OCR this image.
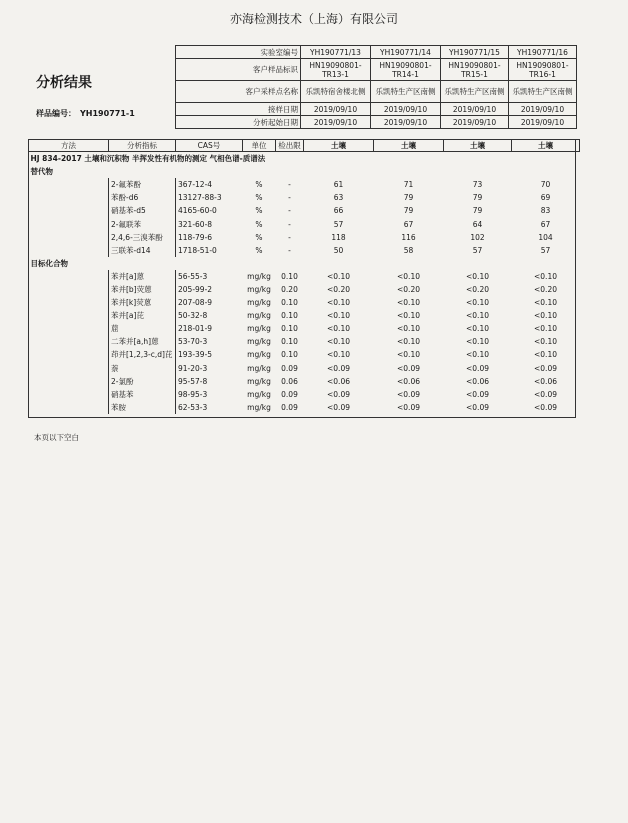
亦海检测技术（上海）有限公司
分析结果
样品编号： YH190771-1
实验室编号	YH190771/13	YH190771/14	YH190771/15	YH190771/16
客户样品标识	HN19090801-TR13-1	HN19090801-TR14-1	HN19090801-TR15-1	HN19090801-TR16-1
客户采样点名称	乐凯特宿舍楼北侧	乐凯特生产区南侧	乐凯特生产区南侧	乐凯特生产区南侧
接样日期	2019/09/10	2019/09/10	2019/09/10	2019/09/10
分析起始日期	2019/09/10	2019/09/10	2019/09/10	2019/09/10
方法	分析指标	CAS号	单位	检出限	土壤	土壤	土壤	土壤
HJ 834-2017 土壤和沉积物 半挥发性有机物的测定 气相色谱-质谱法								
替代物								
	2-氟苯酚	367-12-4	%	-	61	71	73	70
	苯酚-d6	13127-88-3	%	-	63	79	79	69
	硝基苯-d5	4165-60-0	%	-	66	79	79	83
	2-氟联苯	321-60-8	%	-	57	67	64	67
	2,4,6-三溴苯酚	118-79-6	%	-	118	116	102	104
	三联苯-d14	1718-51-0	%	-	50	58	57	57
目标化合物								
	苯并[a]蒽	56-55-3	mg/kg	0.10	<0.10	<0.10	<0.10	<0.10
	苯并[b]荧蒽	205-99-2	mg/kg	0.20	<0.20	<0.20	<0.20	<0.20
	苯并[k]荧蒽	207-08-9	mg/kg	0.10	<0.10	<0.10	<0.10	<0.10
	苯并[a]芘	50-32-8	mg/kg	0.10	<0.10	<0.10	<0.10	<0.10
	䓛	218-01-9	mg/kg	0.10	<0.10	<0.10	<0.10	<0.10
	二苯并[a,h]蒽	53-70-3	mg/kg	0.10	<0.10	<0.10	<0.10	<0.10
	茚并[1,2,3-c,d]芘	193-39-5	mg/kg	0.10	<0.10	<0.10	<0.10	<0.10
	萘	91-20-3	mg/kg	0.09	<0.09	<0.09	<0.09	<0.09
	2-氯酚	95-57-8	mg/kg	0.06	<0.06	<0.06	<0.06	<0.06
	硝基苯	98-95-3	mg/kg	0.09	<0.09	<0.09	<0.09	<0.09
	苯胺	62-53-3	mg/kg	0.09	<0.09	<0.09	<0.09	<0.09
本页以下空白
